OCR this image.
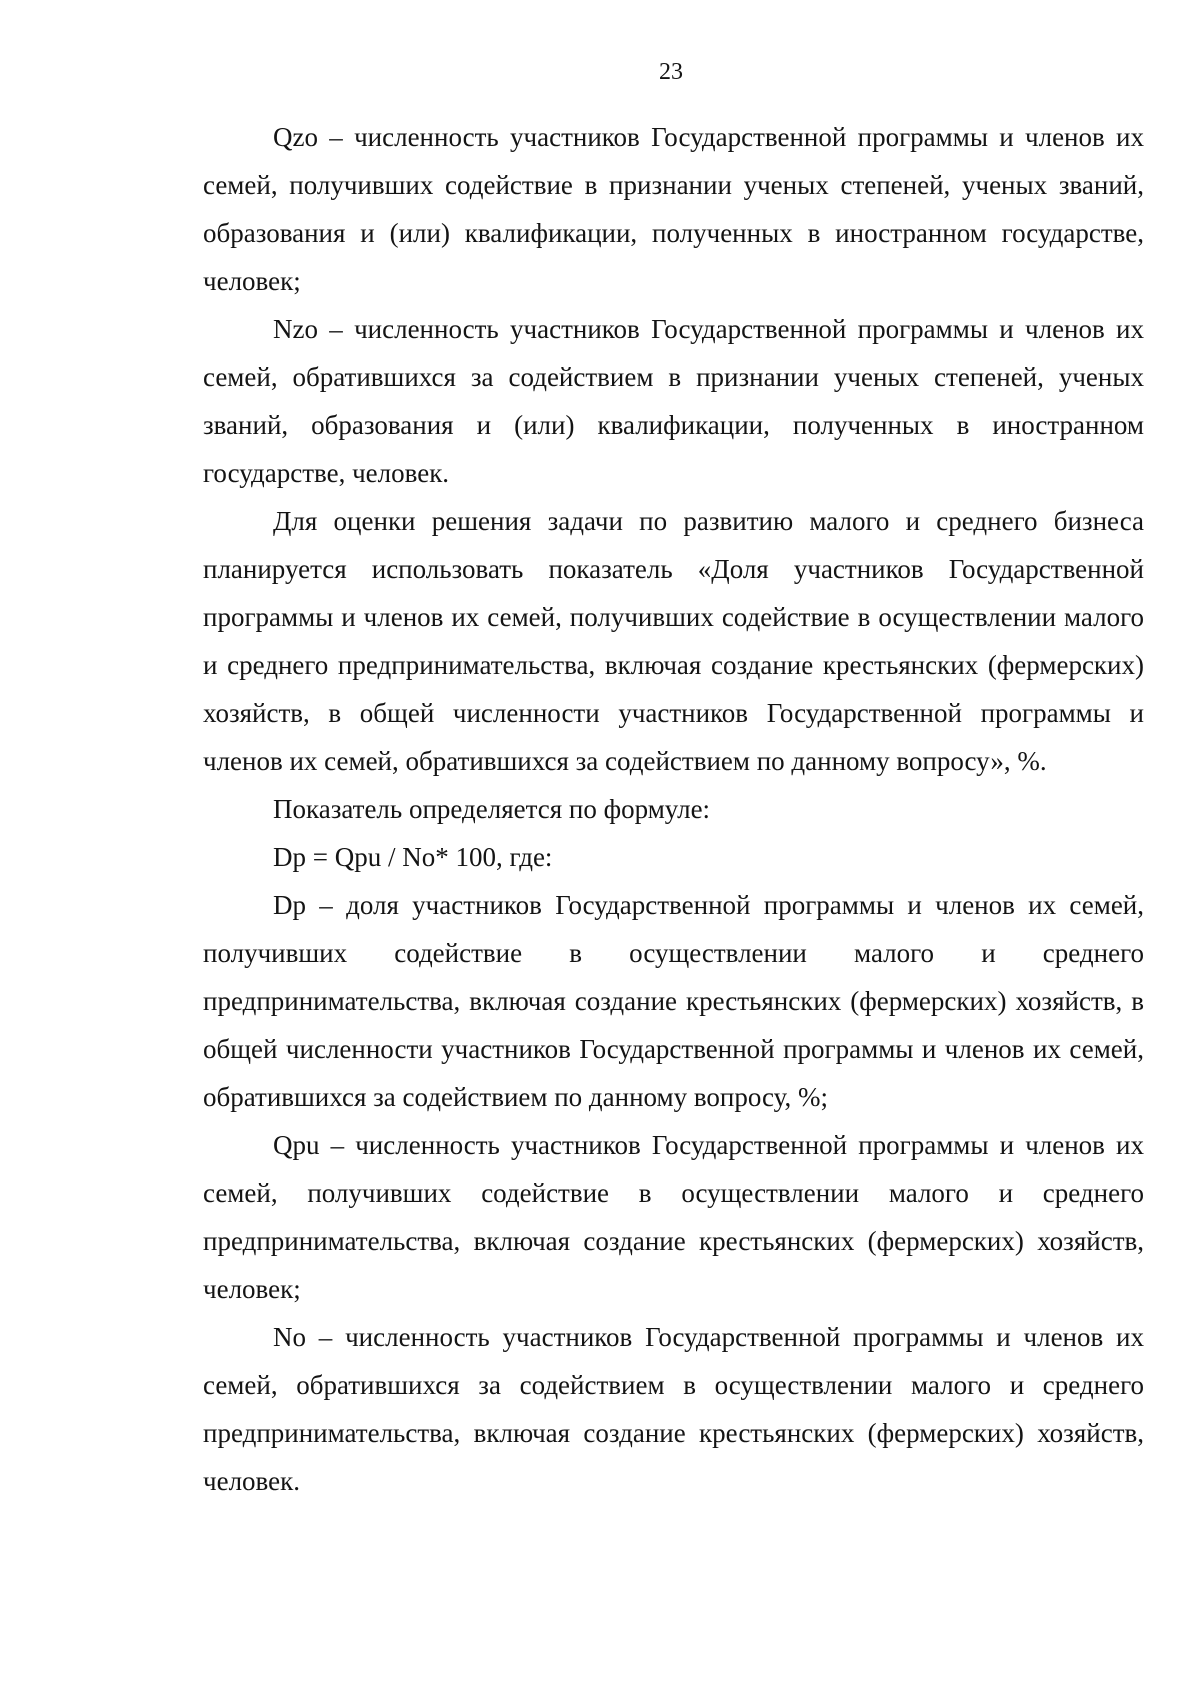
23

Qzo – численность участников Государственной программы и членов их семей, получивших содействие в признании ученых степеней, ученых званий, образования и (или) квалификации, полученных в иностранном государстве, человек;

Nzo – численность участников Государственной программы и членов их семей, обратившихся за содействием в признании ученых степеней, ученых званий, образования и (или) квалификации, полученных в иностранном государстве, человек.

Для оценки решения задачи по развитию малого и среднего бизнеса планируется использовать показатель «Доля участников Государственной программы и членов их семей, получивших содействие в осуществлении малого и среднего предпринимательства, включая создание крестьянских (фермерских) хозяйств, в общей численности участников Государственной программы и членов их семей, обратившихся за содействием по данному вопросу», %.

Показатель определяется по формуле:

Dp = Qpu / No* 100, где:

Dp – доля участников Государственной программы и членов их семей, получивших содействие в осуществлении малого и среднего предпринимательства, включая создание крестьянских (фермерских) хозяйств, в общей численности участников Государственной программы и членов их семей, обратившихся за содействием по данному вопросу, %;

Qpu – численность участников Государственной программы и членов их семей, получивших содействие в осуществлении малого и среднего предпринимательства, включая создание крестьянских (фермерских) хозяйств, человек;

No – численность участников Государственной программы и членов их семей, обратившихся за содействием в осуществлении малого и среднего предпринимательства, включая создание крестьянских (фермерских) хозяйств, человек.
